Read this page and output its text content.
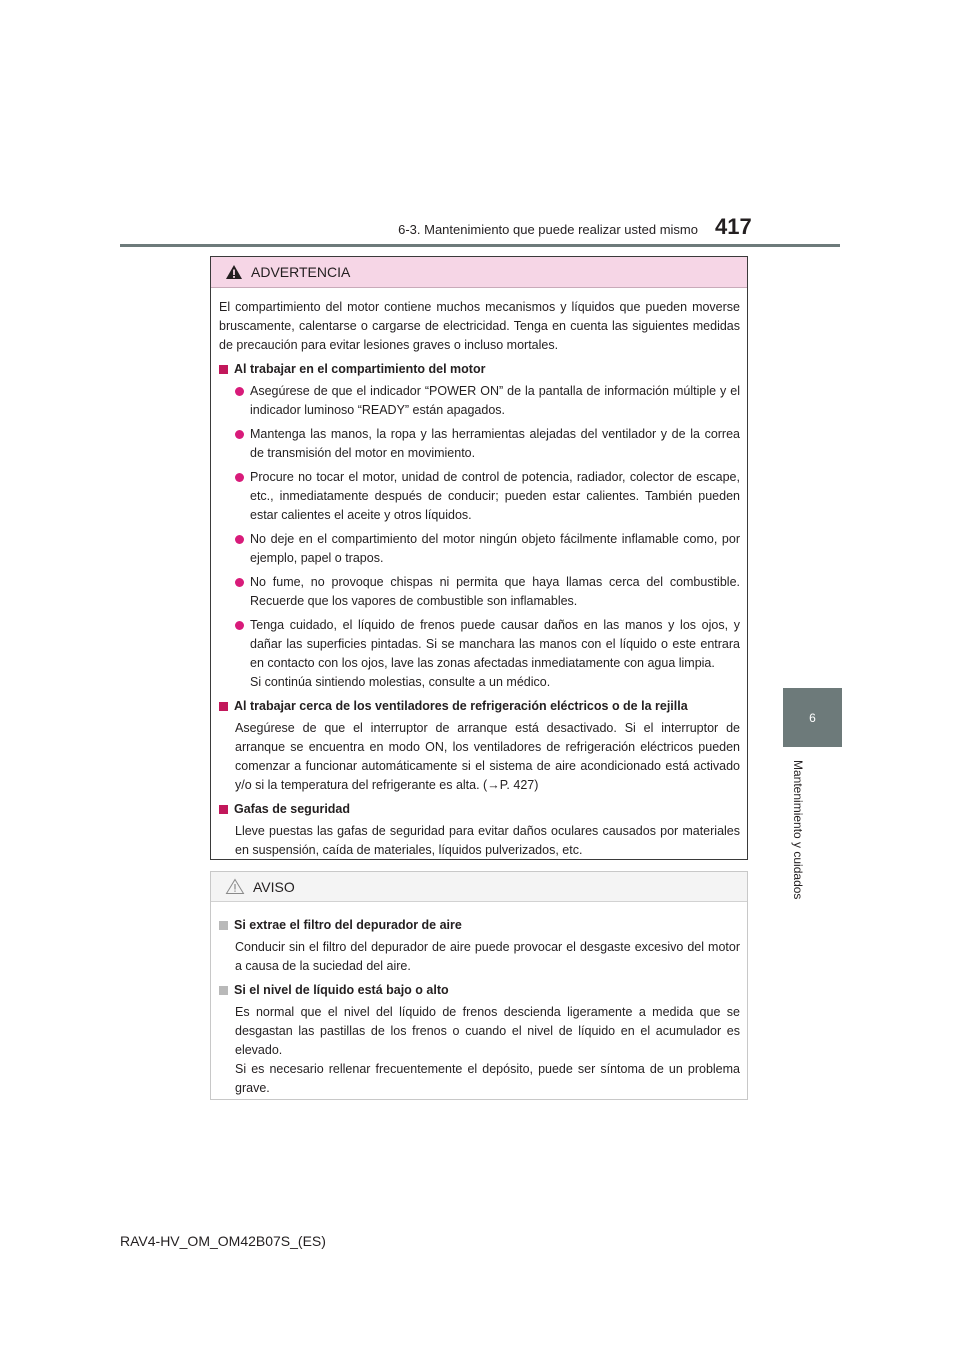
6-3. Mantenimiento que puede realizar usted mismo 417
6
Mantenimiento y cuidados
ADVERTENCIA

El compartimiento del motor contiene muchos mecanismos y líquidos que pueden moverse bruscamente, calentarse o cargarse de electricidad. Tenga en cuenta las siguientes medidas de precaución para evitar lesiones graves o incluso mortales.

Al trabajar en el compartimiento del motor
Asegúrese de que el indicador “POWER ON” de la pantalla de información múltiple y el indicador luminoso “READY” están apagados.
Mantenga las manos, la ropa y las herramientas alejadas del ventilador y de la correa de transmisión del motor en movimiento.
Procure no tocar el motor, unidad de control de potencia, radiador, colector de escape, etc., inmediatamente después de conducir; pueden estar calientes. También pueden estar calientes el aceite y otros líquidos.
No deje en el compartimiento del motor ningún objeto fácilmente inflamable como, por ejemplo, papel o trapos.
No fume, no provoque chispas ni permita que haya llamas cerca del combustible. Recuerde que los vapores de combustible son inflamables.
Tenga cuidado, el líquido de frenos puede causar daños en las manos y los ojos, y dañar las superficies pintadas. Si se manchara las manos con el líquido o este entrara en contacto con los ojos, lave las zonas afectadas inmediatamente con agua limpia.
Si continúa sintiendo molestias, consulte a un médico.
Al trabajar cerca de los ventiladores de refrigeración eléctricos o de la rejilla

Asegúrese de que el interruptor de arranque está desactivado. Si el interruptor de arranque se encuentra en modo ON, los ventiladores de refrigeración eléctricos pueden comenzar a funcionar automáticamente si el sistema de aire acondicionado está activado y/o si la temperatura del refrigerante es alta. (→P. 427)

Gafas de seguridad

Lleve puestas las gafas de seguridad para evitar daños oculares causados por materiales en suspensión, caída de materiales, líquidos pulverizados, etc.

AVISO
Si extrae el filtro del depurador de aire

Conducir sin el filtro del depurador de aire puede provocar el desgaste excesivo del motor a causa de la suciedad del aire.

Si el nivel de líquido está bajo o alto

Es normal que el nivel del líquido de frenos descienda ligeramente a medida que se desgastan las pastillas de los frenos o cuando el nivel de líquido en el acumulador es elevado.
Si es necesario rellenar frecuentemente el depósito, puede ser síntoma de un problema grave.

RAV4-HV_OM_OM42B07S_(ES)
